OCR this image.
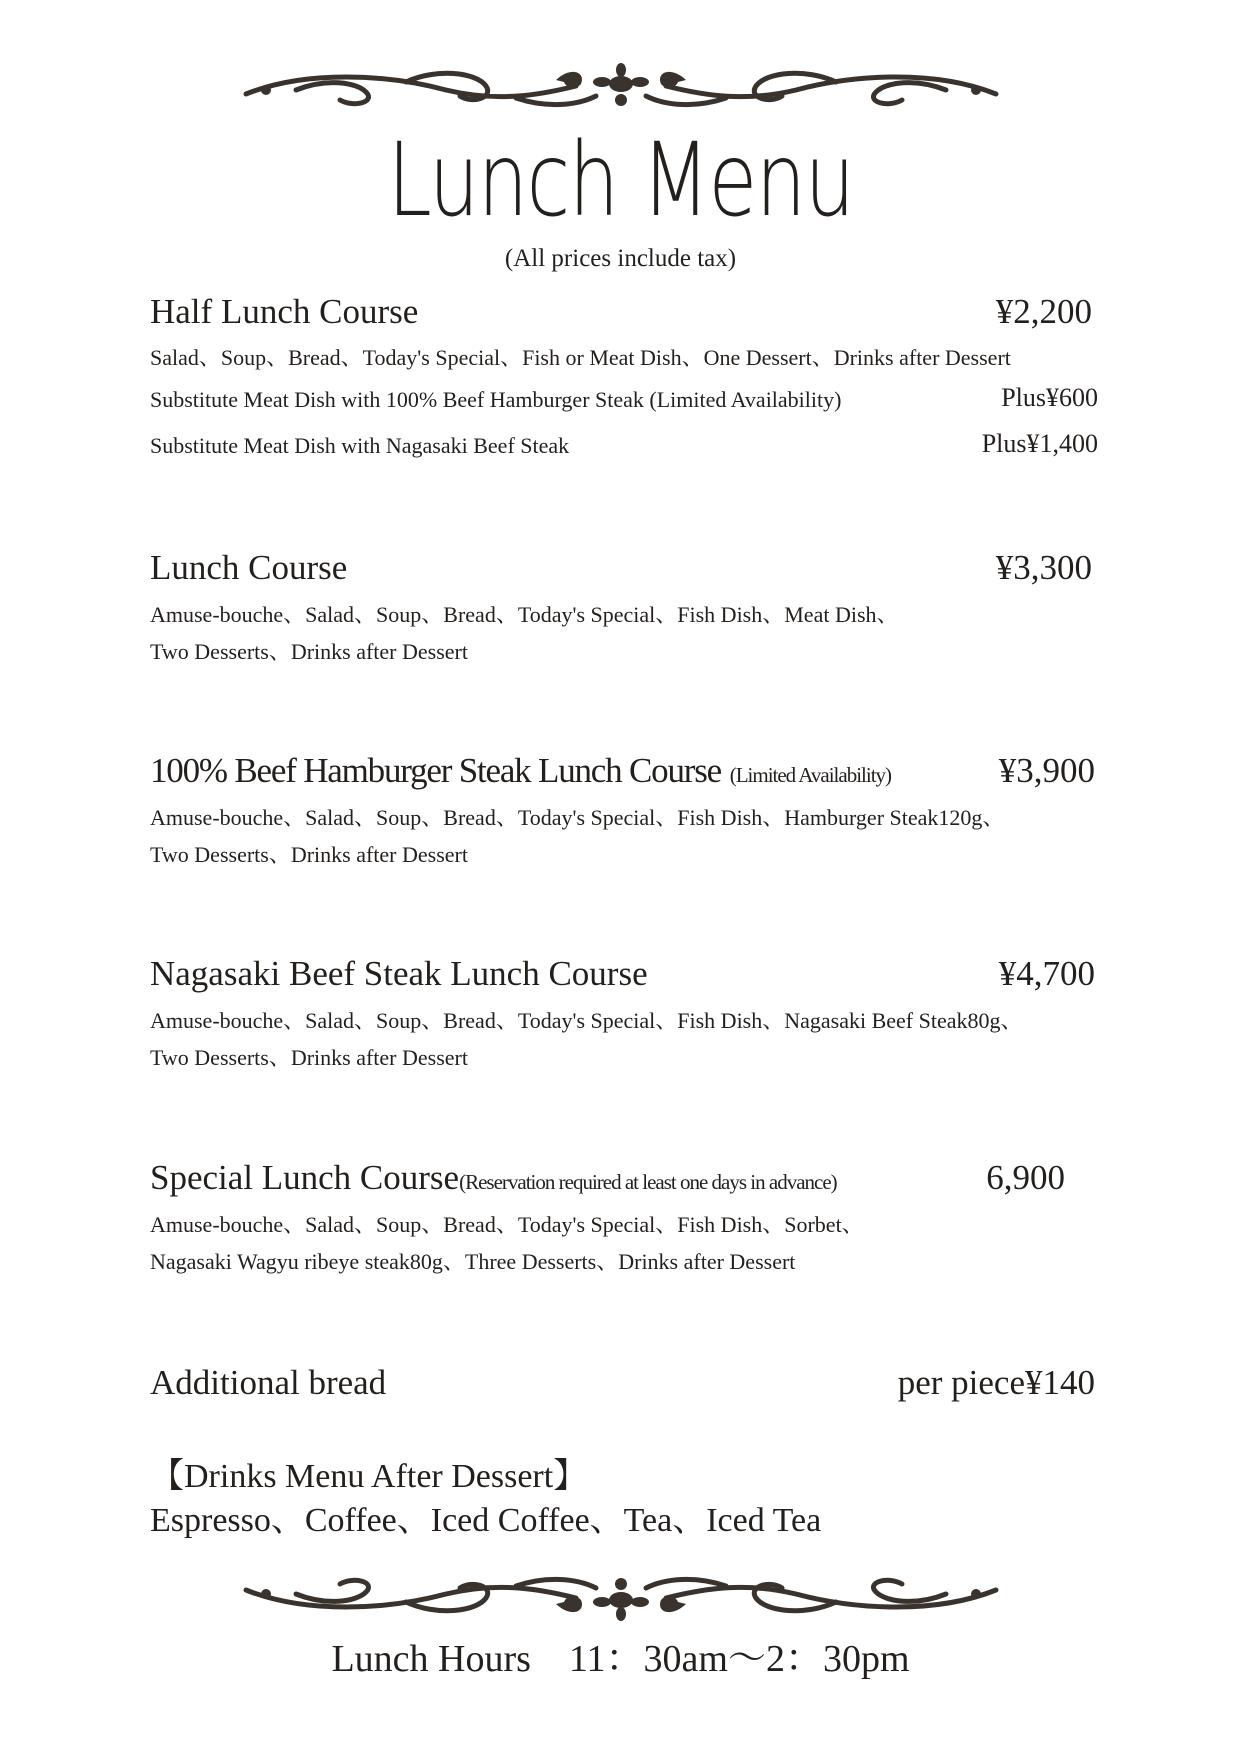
Lunch Menu
(All prices include tax)
Half Lunch Course	¥2,200
Salad、Soup、Bread、Today's Special、Fish or Meat Dish、One Dessert、Drinks after Dessert
Substitute Meat Dish with 100% Beef Hamburger Steak (Limited Availability)	Plus¥600
Substitute Meat Dish with Nagasaki Beef Steak	Plus¥1,400
Lunch Course	¥3,300
Amuse-bouche、Salad、Soup、Bread、Today's Special、Fish Dish、Meat Dish、
Two Desserts、Drinks after Dessert
100% Beef Hamburger Steak Lunch Course (Limited Availability)	¥3,900
Amuse-bouche、Salad、Soup、Bread、Today's Special、Fish Dish、Hamburger Steak120g、
Two Desserts、Drinks after Dessert
Nagasaki Beef Steak Lunch Course	¥4,700
Amuse-bouche、Salad、Soup、Bread、Today's Special、Fish Dish、Nagasaki Beef Steak80g、
Two Desserts、Drinks after Dessert
Special Lunch Course(Reservation required at least one days in advance)	6,900
Amuse-bouche、Salad、Soup、Bread、Today's Special、Fish Dish、Sorbet、
Nagasaki Wagyu ribeye steak80g、Three Desserts、Drinks after Dessert
Additional bread	per piece¥140
【Drinks Menu After Dessert】
Espresso、Coffee、Iced Coffee、Tea、Iced Tea
Lunch Hours　11：30am～2：30pm
